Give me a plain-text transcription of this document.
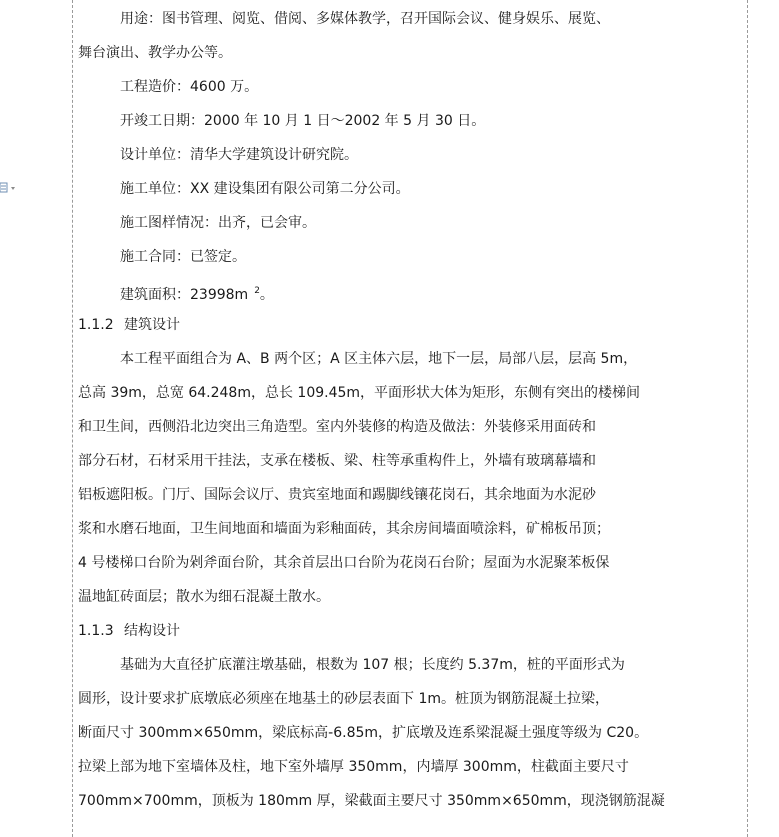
用途：图书管理、阅览、借阅、多媒体教学，召开国际会议、健身娱乐、展览、
舞台演出、教学办公等。
工程造价：4600 万。
开竣工日期：2000 年 10 月 1 日～2002 年 5 月 30 日。
设计单位：清华大学建筑设计研究院。
施工单位：XX 建设集团有限公司第二分公司。
施工图样情况：出齐，已会审。
施工合同：已签定。
建筑面积：23998m $^2$。
1.1.2 建筑设计
本工程平面组合为 A、B 两个区；A 区主体六层，地下一层，局部八层，层高 5m，
总高 39m，总宽 64.248m，总长 109.45m，平面形状大体为矩形，东侧有突出的楼梯间
和卫生间，西侧沿北边突出三角造型。室内外装修的构造及做法：外装修采用面砖和
部分石材，石材采用干挂法，支承在楼板、梁、柱等承重构件上，外墙有玻璃幕墙和
铝板遮阳板。门厅、国际会议厅、贵宾室地面和踢脚线镶花岗石，其余地面为水泥砂
浆和水磨石地面，卫生间地面和墙面为彩釉面砖，其余房间墙面喷涂料，矿棉板吊顶；
4 号楼梯口台阶为剁斧面台阶，其余首层出口台阶为花岗石台阶；屋面为水泥聚苯板保
温地缸砖面层；散水为细石混凝土散水。
1.1.3 结构设计
基础为大直径扩底灌注墩基础，根数为 107 根；长度约 5.37m，桩的平面形式为
圆形，设计要求扩底墩底必须座在地基土的砂层表面下 1m。桩顶为钢筋混凝土拉梁，
断面尺寸 300mm×650mm，梁底标高-6.85m，扩底墩及连系梁混凝土强度等级为 C20。
拉梁上部为地下室墙体及柱，地下室外墙厚 350mm，内墙厚 300mm，柱截面主要尺寸
700mm×700mm，顶板为 180mm 厚，梁截面主要尺寸 350mm×650mm，现浇钢筋混凝
